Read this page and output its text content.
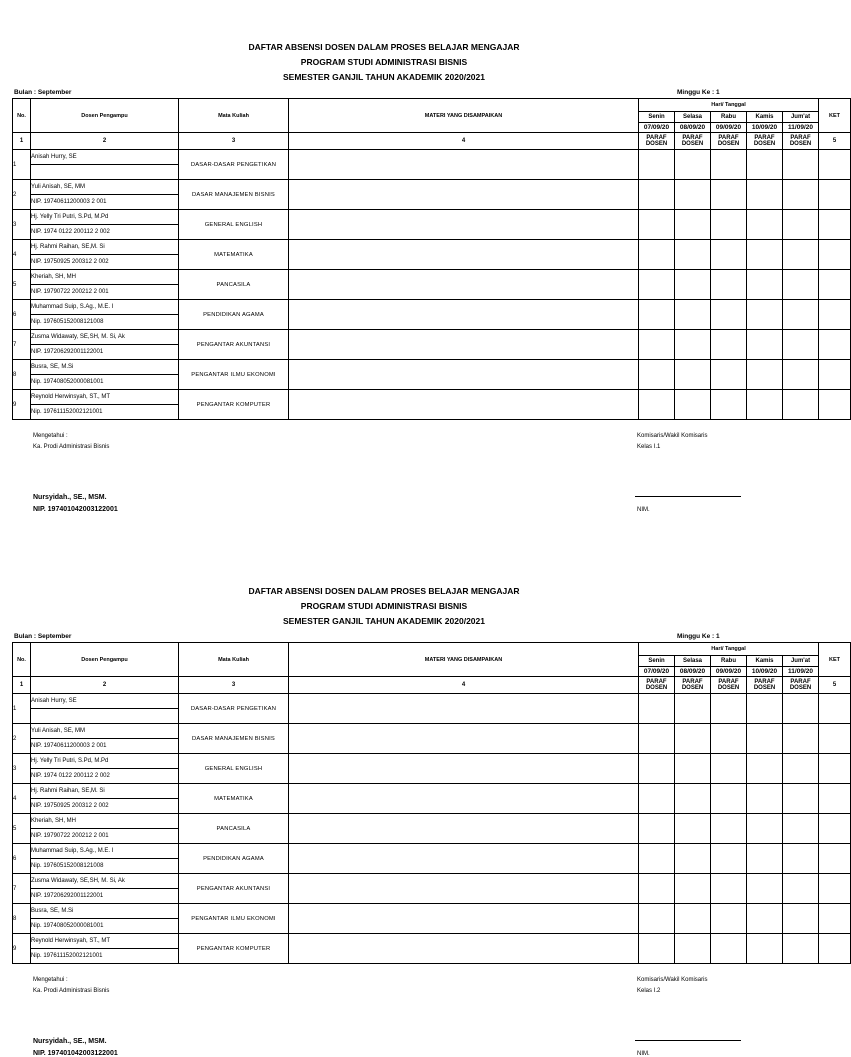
DAFTAR ABSENSI DOSEN DALAM PROSES BELAJAR MENGAJAR
PROGRAM STUDI ADMINISTRASI BISNIS
SEMESTER GANJIL TAHUN AKADEMIK 2020/2021
Bulan : September	Minggu Ke : 1
No.	Dosen Pengampu	Mata Kuliah	MATERI YANG DISAMPAIKAN	Hari/ Tanggal					KET
				Senin	Selasa	Rabu	Kamis	Jum'at	
				07/09/20	08/09/20	09/09/20	10/09/20	11/09/20	
1	2	3	4	PARAF DOSEN	PARAF DOSEN	PARAF DOSEN	PARAF DOSEN	PARAF DOSEN	5
1	Anisah Hurry, SE	DASAR-DASAR PENGETIKAN							

2	Yuli Anisah, SE, MM	DASAR MANAJEMEN BISNIS							
	NIP. 19740611200003 2 001								
3	Hj. Yelly Tri Putri, S.Pd, M.Pd	GENERAL ENGLISH							
	NIP. 1974 0122 200112 2 002								
4	Hj. Rahmi Raihan, SE,M. Si	MATEMATIKA							
	NIP. 19750925 200312 2 002								
5	Kheriah, SH, MH	PANCASILA							
	NIP. 19790722 200212 2 001								
6	Muhammad Suip, S.Ag., M.E. I	PENDIDIKAN AGAMA							
	Nip. 197605152008121008								
7	Zusma Widawaty, SE,SH, M. Si, Ak	PENGANTAR AKUNTANSI							
	NIP. 197206292001122001								
8	Busra, SE, M.Si	PENGANTAR ILMU EKONOMI							
	Nip. 197408052000081001								
9	Reynold Herwinsyah, ST., MT	PENGANTAR KOMPUTER							
	Nip. 197611152002121001								
Mengetahui :
Ka. Prodi Administrasi Bisnis
Komisaris/Wakil Komisaris
Kelas I.1
Nursyidah., SE., MSM.
NIP. 197401042003122001	NIM.
DAFTAR ABSENSI DOSEN DALAM PROSES BELAJAR MENGAJAR
PROGRAM STUDI ADMINISTRASI BISNIS
SEMESTER GANJIL TAHUN AKADEMIK 2020/2021
Bulan : September	Minggu Ke : 1
No.	Dosen Pengampu	Mata Kuliah	MATERI YANG DISAMPAIKAN	Hari/ Tanggal					KET
				Senin	Selasa	Rabu	Kamis	Jum'at	
				07/09/20	08/09/20	09/09/20	10/09/20	11/09/20	
1	2	3	4	PARAF DOSEN	PARAF DOSEN	PARAF DOSEN	PARAF DOSEN	PARAF DOSEN	5
1	Anisah Hurry, SE	DASAR-DASAR PENGETIKAN							

2	Yuli Anisah, SE, MM	DASAR MANAJEMEN BISNIS							
	NIP. 19740611200003 2 001								
3	Hj. Yelly Tri Putri, S.Pd, M.Pd	GENERAL ENGLISH							
	NIP. 1974 0122 200112 2 002								
4	Hj. Rahmi Raihan, SE,M. Si	MATEMATIKA							
	NIP. 19750925 200312 2 002								
5	Kheriah, SH, MH	PANCASILA							
	NIP. 19790722 200212 2 001								
6	Muhammad Suip, S.Ag., M.E. I	PENDIDIKAN AGAMA							
	Nip. 197605152008121008								
7	Zusma Widawaty, SE,SH, M. Si, Ak	PENGANTAR AKUNTANSI							
	NIP. 197206292001122001								
8	Busra, SE, M.Si	PENGANTAR ILMU EKONOMI							
	Nip. 197408052000081001								
9	Reynold Herwinsyah, ST., MT	PENGANTAR KOMPUTER							
	Nip. 197611152002121001								
Mengetahui :
Ka. Prodi Administrasi Bisnis
Komisaris/Wakil Komisaris
Kelas I.2
Nursyidah., SE., MSM.
NIP. 197401042003122001	NIM.
